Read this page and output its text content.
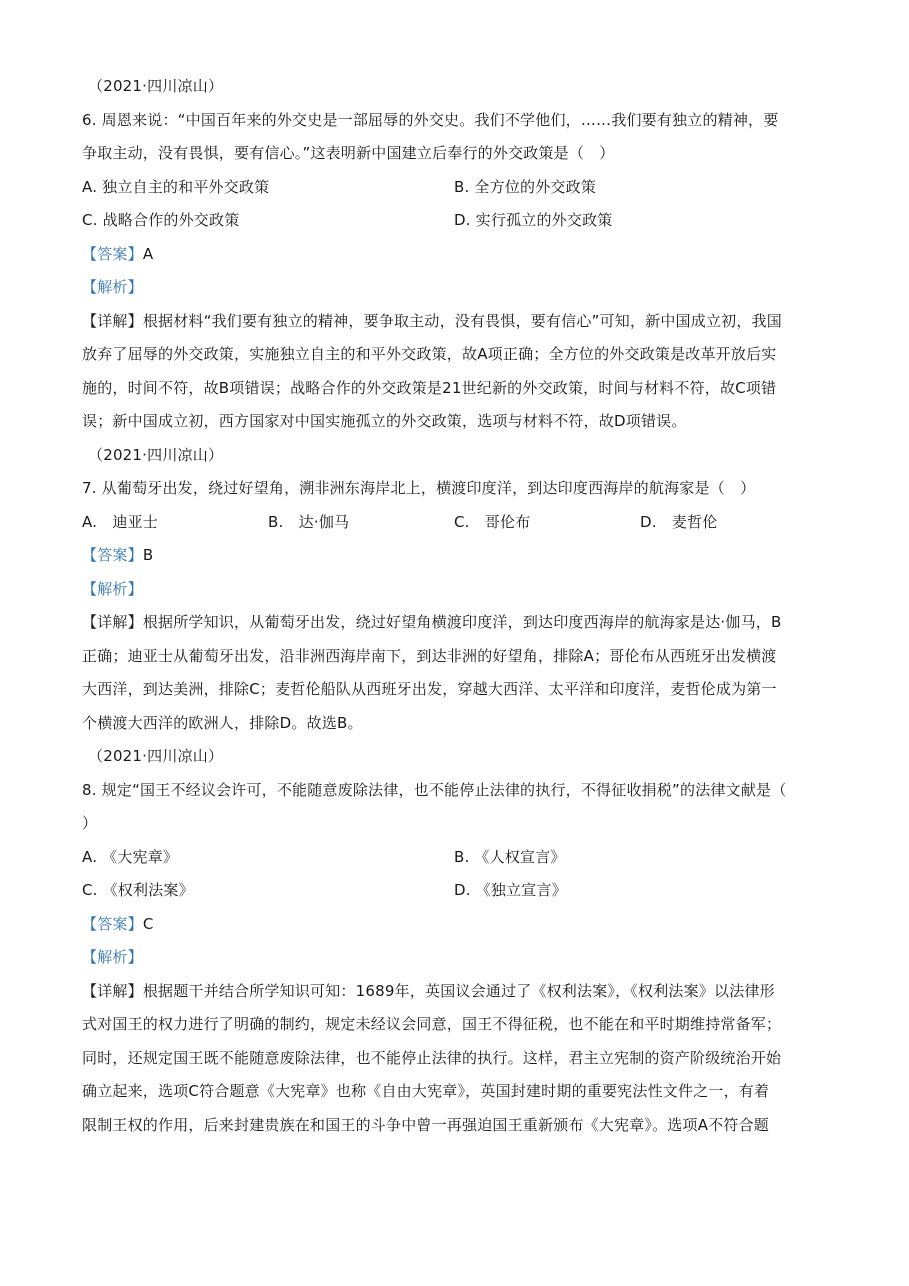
（2021·四川凉山）
6. 周恩来说：“中国百年来的外交史是一部屈辱的外交史。我们不学他们，……我们要有独立的精神，要
争取主动，没有畏惧，要有信心。”这表明新中国建立后奉行的外交政策是（　）
A. 独立自主的和平外交政策	B. 全方位的外交政策
C. 战略合作的外交政策	D. 实行孤立的外交政策
【答案】A
【解析】
【详解】根据材料“我们要有独立的精神，要争取主动，没有畏惧，要有信心”可知，新中国成立初，我国
放弃了屈辱的外交政策，实施独立自主的和平外交政策，故A项正确；全方位的外交政策是改革开放后实
施的，时间不符，故B项错误；战略合作的外交政策是21世纪新的外交政策，时间与材料不符，故C项错
误；新中国成立初，西方国家对中国实施孤立的外交政策，选项与材料不符，故D项错误。
（2021·四川凉山）
7. 从葡萄牙出发，绕过好望角，溯非洲东海岸北上，横渡印度洋，到达印度西海岸的航海家是（　）
A.　迪亚士	B.　达·伽马	C.　哥伦布	D.　麦哲伦
【答案】B
【解析】
【详解】根据所学知识，从葡萄牙出发，绕过好望角横渡印度洋，到达印度西海岸的航海家是达·伽马，B
正确；迪亚士从葡萄牙出发，沿非洲西海岸南下，到达非洲的好望角，排除A；哥伦布从西班牙出发横渡
大西洋，到达美洲，排除C；麦哲伦船队从西班牙出发，穿越大西洋、太平洋和印度洋，麦哲伦成为第一
个横渡大西洋的欧洲人，排除D。故选B。
（2021·四川凉山）
8. 规定“国王不经议会许可，不能随意废除法律，也不能停止法律的执行，不得征收捐税”的法律文献是（
）
A. 《大宪章》	B. 《人权宣言》
C. 《权利法案》	D. 《独立宣言》
【答案】C
【解析】
【详解】根据题干并结合所学知识可知：1689年，英国议会通过了《权利法案》，《权利法案》以法律形
式对国王的权力进行了明确的制约，规定未经议会同意，国王不得征税，也不能在和平时期维持常备军；
同时，还规定国王既不能随意废除法律，也不能停止法律的执行。这样，君主立宪制的资产阶级统治开始
确立起来，选项C符合题意《大宪章》也称《自由大宪章》，英国封建时期的重要宪法性文件之一，有着
限制王权的作用，后来封建贵族在和国王的斗争中曾一再强迫国王重新颁布《大宪章》。选项A不符合题
